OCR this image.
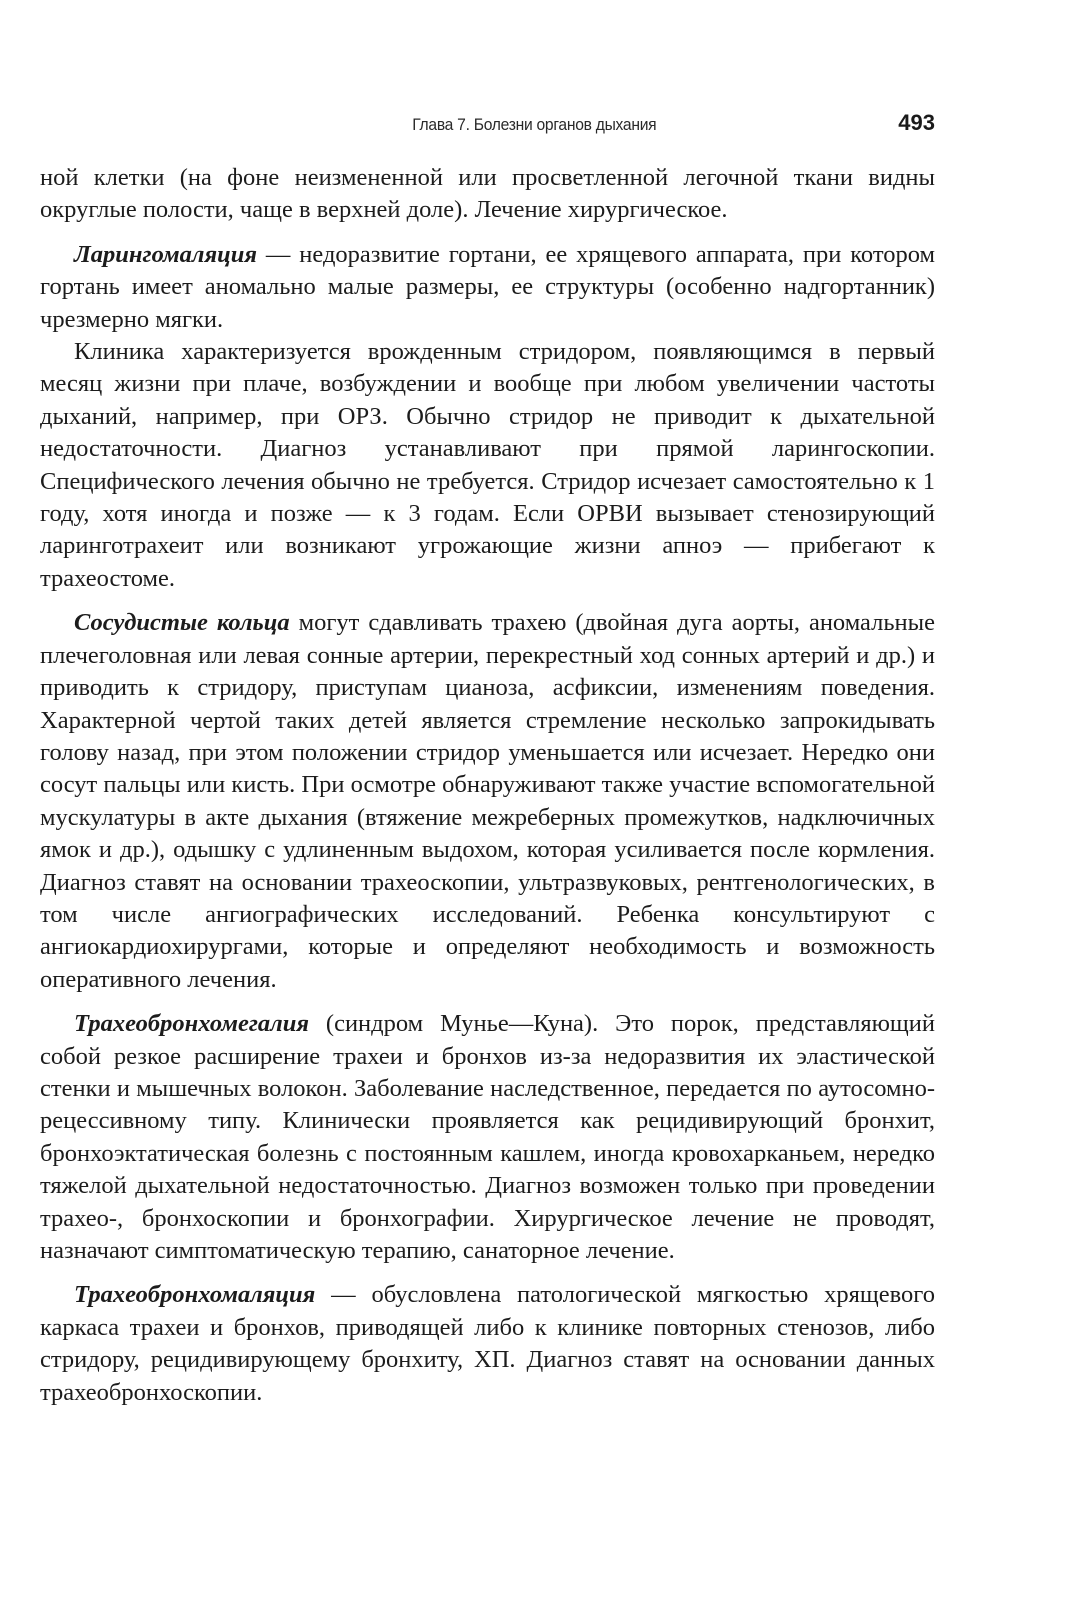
Глава 7. Болезни органов дыхания	493

ной клетки (на фоне неизмененной или просветленной легочной ткани видны округлые полости, чаще в верхней доле). Лечение хирургическое.

Ларингомаляция — недоразвитие гортани, ее хрящевого аппарата, при котором гортань имеет аномально малые размеры, ее структуры (особенно надгортанник) чрезмерно мягки.

Клиника характеризуется врожденным стридором, появляющимся в первый месяц жизни при плаче, возбуждении и вообще при любом увеличении частоты дыханий, например, при ОРЗ. Обычно стридор не приводит к дыхательной недостаточности. Диагноз устанавливают при прямой ларингоскопии. Специфического лечения обычно не требуется. Стридор исчезает самостоятельно к 1 году, хотя иногда и позже — к 3 годам. Если ОРВИ вызывает стенозирующий ларинготрахеит или возникают угрожающие жизни апноэ — прибегают к трахеостоме.

Сосудистые кольца могут сдавливать трахею (двойная дуга аорты, аномальные плечеголовная или левая сонные артерии, перекрестный ход сонных артерий и др.) и приводить к стридору, приступам цианоза, асфиксии, изменениям поведения. Характерной чертой таких детей является стремление несколько запрокидывать голову назад, при этом положении стридор уменьшается или исчезает. Нередко они сосут пальцы или кисть. При осмотре обнаруживают также участие вспомогательной мускулатуры в акте дыхания (втяжение межреберных промежутков, надключичных ямок и др.), одышку с удлиненным выдохом, которая усиливается после кормления. Диагноз ставят на основании трахеоскопии, ультразвуковых, рентгенологических, в том числе ангиографических исследований. Ребенка консультируют с ангиокардиохирургами, которые и определяют необходимость и возможность оперативного лечения.

Трахеобронхомегалия (синдром Мунье—Куна). Это порок, представляющий собой резкое расширение трахеи и бронхов из-за недоразвития их эластической стенки и мышечных волокон. Заболевание наследственное, передается по аутосомно-рецессивному типу. Клинически проявляется как рецидивирующий бронхит, бронхоэктатическая болезнь с постоянным кашлем, иногда кровохарканьем, нередко тяжелой дыхательной недостаточностью. Диагноз возможен только при проведении трахео-, бронхоскопии и бронхографии. Хирургическое лечение не проводят, назначают симптоматическую терапию, санаторное лечение.

Трахеобронхомаляция — обусловлена патологической мягкостью хрящевого каркаса трахеи и бронхов, приводящей либо к клинике повторных стенозов, либо стридору, рецидивирующему бронхиту, ХП. Диагноз ставят на основании данных трахеобронхоскопии.
